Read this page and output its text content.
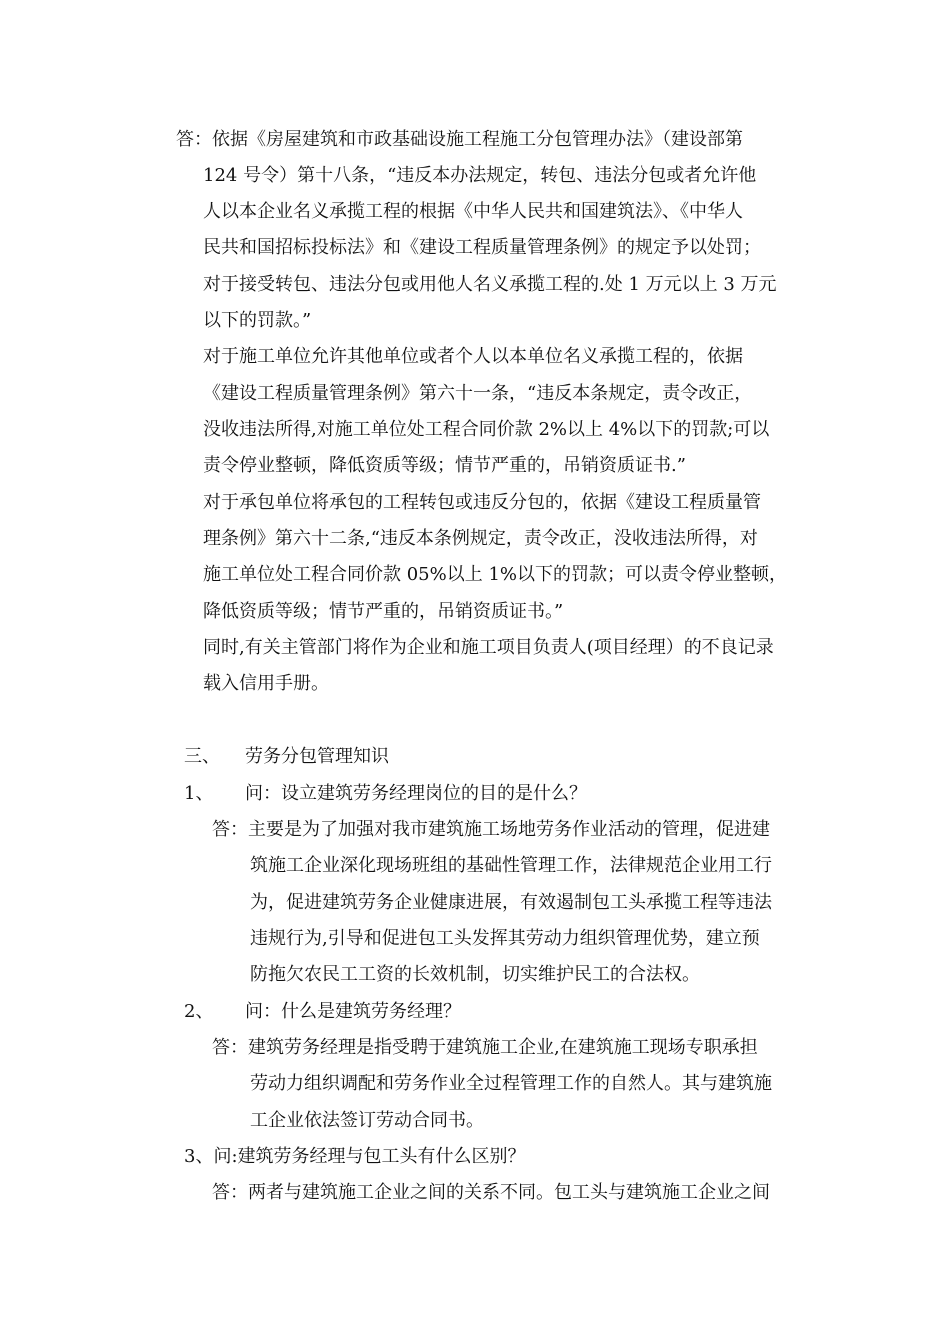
答：依据《房屋建筑和市政基础设施工程施工分包管理办法》（建设部第
124 号令）第十八条，“违反本办法规定，转包、违法分包或者允许他
人以本企业名义承揽工程的根据《中华人民共和国建筑法》、《中华人
民共和国招标投标法》和《建设工程质量管理条例》的规定予以处罚；
对于接受转包、违法分包或用他人名义承揽工程的.处 1 万元以上 3 万元
以下的罚款。”
对于施工单位允许其他单位或者个人以本单位名义承揽工程的，依据
《建设工程质量管理条例》第六十一条，“违反本条规定，责令改正，
没收违法所得,对施工单位处工程合同价款 2%以上 4%以下的罚款;可以
责令停业整顿，降低资质等级；情节严重的，吊销资质证书.”
对于承包单位将承包的工程转包或违反分包的，依据《建设工程质量管
理条例》第六十二条,“违反本条例规定，责令改正，没收违法所得，对
施工单位处工程合同价款 05%以上 1%以下的罚款；可以责令停业整顿，
降低资质等级；情节严重的，吊销资质证书。”
同时,有关主管部门将作为企业和施工项目负责人(项目经理）的不良记录
载入信用手册。
三、 劳务分包管理知识
1、 问：设立建筑劳务经理岗位的目的是什么？
答：主要是为了加强对我市建筑施工场地劳务作业活动的管理，促进建
筑施工企业深化现场班组的基础性管理工作，法律规范企业用工行
为，促进建筑劳务企业健康进展，有效遏制包工头承揽工程等违法
违规行为,引导和促进包工头发挥其劳动力组织管理优势，建立预
防拖欠农民工工资的长效机制，切实维护民工的合法权。
2、 问：什么是建筑劳务经理？
答：建筑劳务经理是指受聘于建筑施工企业,在建筑施工现场专职承担
劳动力组织调配和劳务作业全过程管理工作的自然人。其与建筑施
工企业依法签订劳动合同书。
3、问:建筑劳务经理与包工头有什么区别？
答：两者与建筑施工企业之间的关系不同。包工头与建筑施工企业之间
